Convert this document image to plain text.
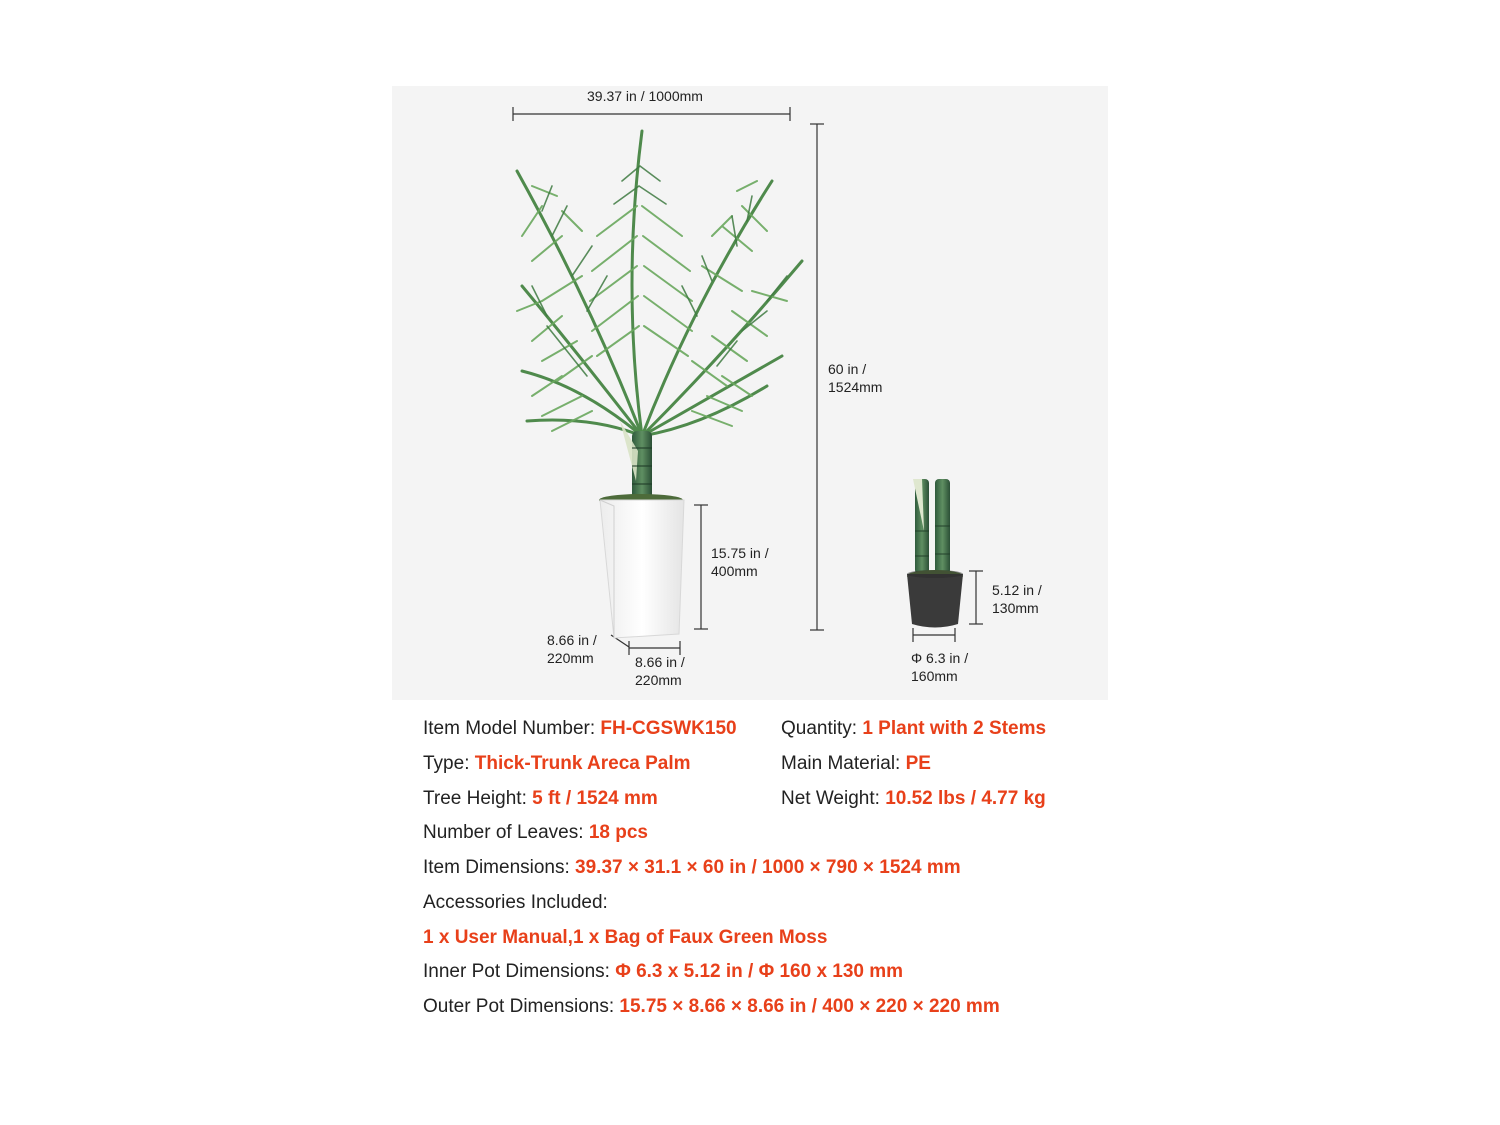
39.37 in / 1000mm
60 in /
1524mm
15.75 in /
400mm
8.66 in /
220mm	8.66 in /
220mm
5.12 in /
130mm
Φ 6.3 in /
160mm
Item Model Number: FH-CGSWK150 Quantity: 1 Plant with 2 Stems
Type: Thick-Trunk Areca Palm	Main Material: PE
Tree Height: 5 ft / 1524 mm	Net Weight: 10.52 lbs / 4.77 kg
Number of Leaves: 18 pcs
Item Dimensions: 39.37 × 31.1 × 60 in / 1000 × 790 × 1524 mm
Accessories Included:
1 x User Manual,1 x Bag of Faux Green Moss
Inner Pot Dimensions: Φ 6.3 x 5.12 in / Φ 160 x 130 mm
Outer Pot Dimensions: 15.75 × 8.66 × 8.66 in / 400 × 220 × 220 mm
